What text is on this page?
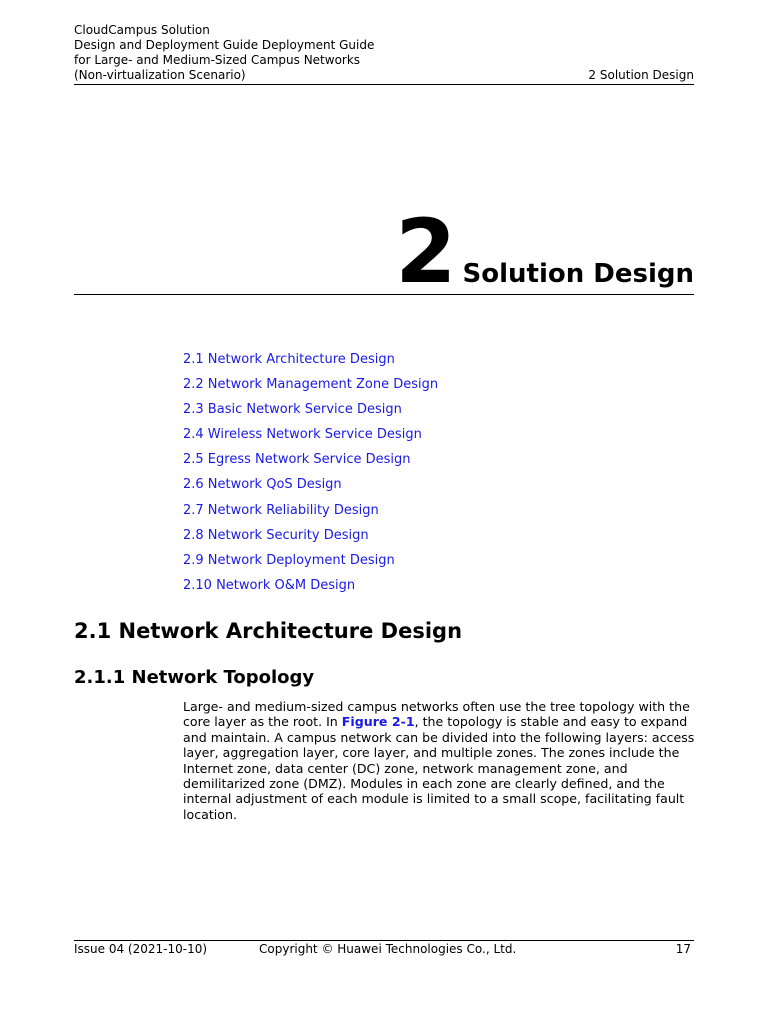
CloudCampus Solution
Design and Deployment Guide Deployment Guide
for Large- and Medium-Sized Campus Networks
(Non-virtualization Scenario)	2 Solution Design
2 Solution Design
2.1 Network Architecture Design
2.2 Network Management Zone Design
2.3 Basic Network Service Design
2.4 Wireless Network Service Design
2.5 Egress Network Service Design
2.6 Network QoS Design
2.7 Network Reliability Design
2.8 Network Security Design
2.9 Network Deployment Design
2.10 Network O&M Design
2.1 Network Architecture Design
2.1.1 Network Topology
Large- and medium-sized campus networks often use the tree topology with the core layer as the root. In Figure 2-1, the topology is stable and easy to expand and maintain. A campus network can be divided into the following layers: access layer, aggregation layer, core layer, and multiple zones. The zones include the Internet zone, data center (DC) zone, network management zone, and demilitarized zone (DMZ). Modules in each zone are clearly defined, and the internal adjustment of each module is limited to a small scope, facilitating fault location.
Issue 04 (2021-10-10)	Copyright © Huawei Technologies Co., Ltd.	17
